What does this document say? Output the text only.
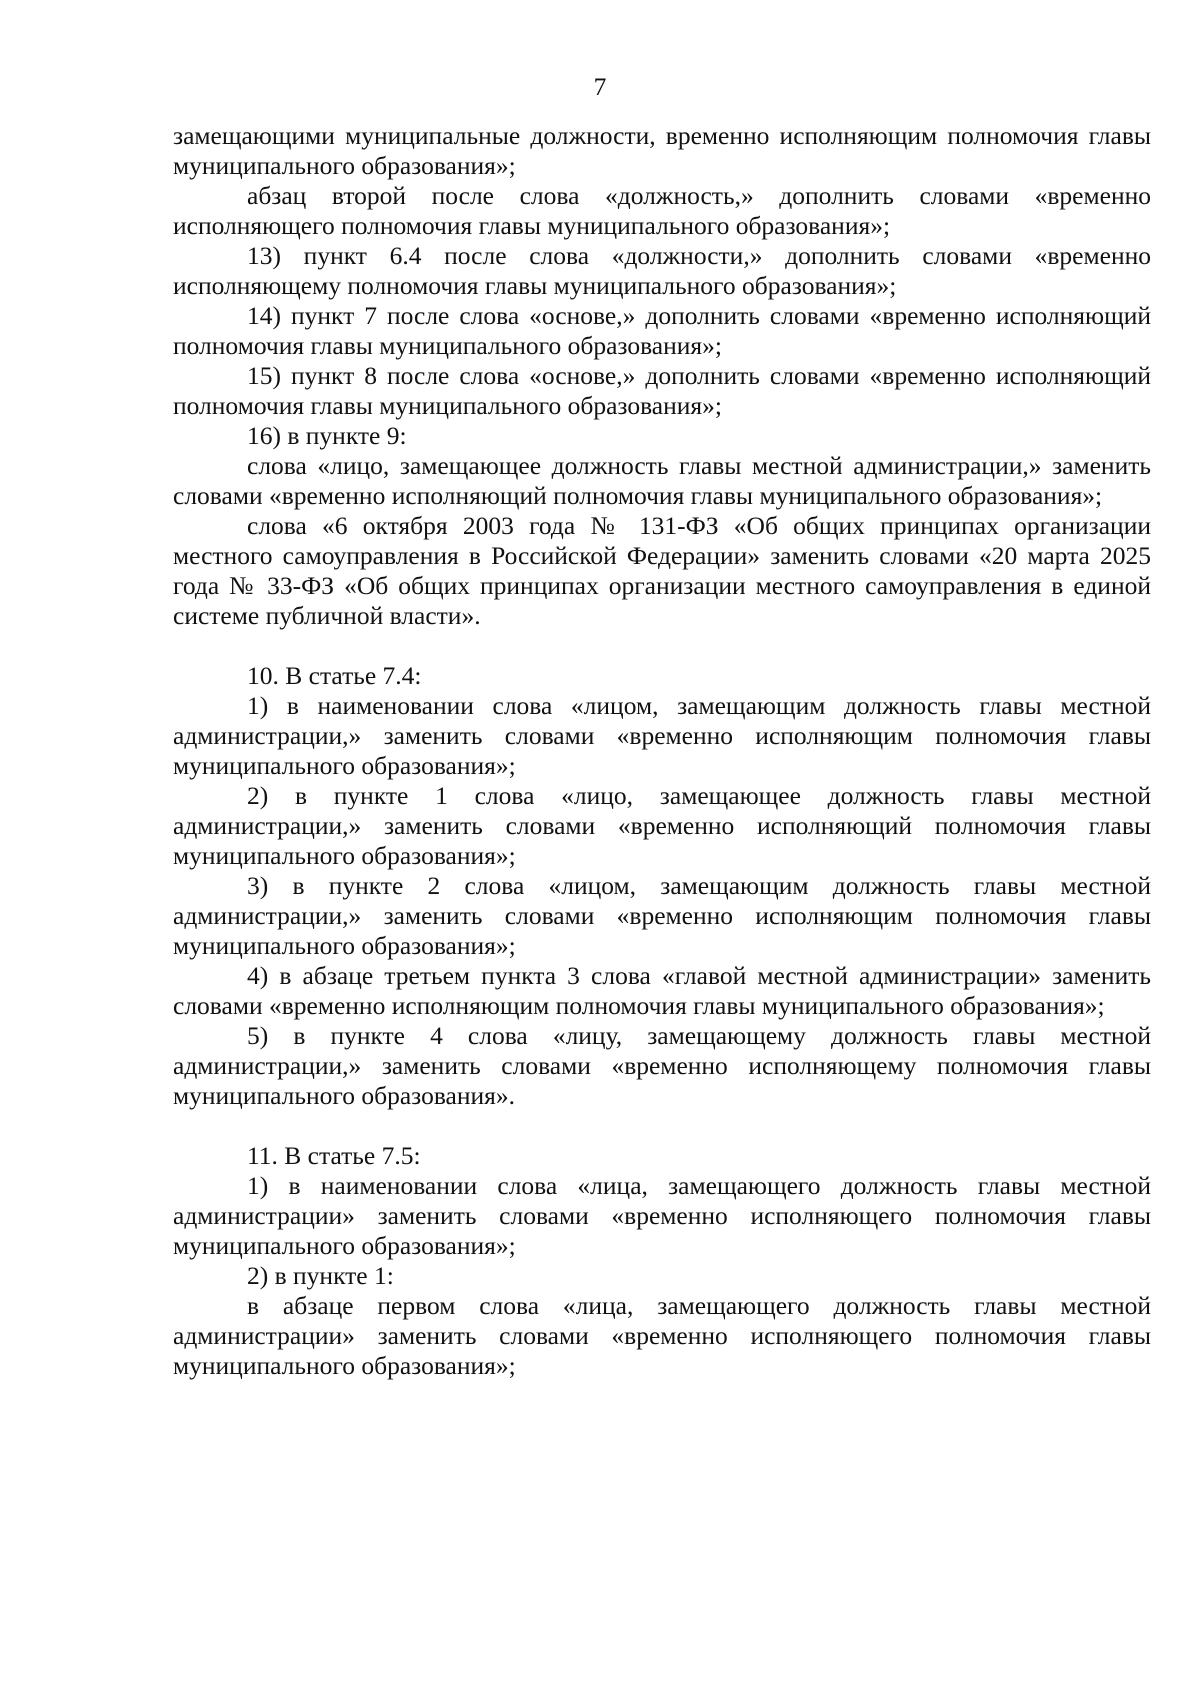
7

замещающими муниципальные должности, временно исполняющим полномочия главы муниципального образования»;

абзац второй после слова «должность,» дополнить словами «временно исполняющего полномочия главы муниципального образования»;

13) пункт 6.4 после слова «должности,» дополнить словами «временно исполняющему полномочия главы муниципального образования»;

14) пункт 7 после слова «основе,» дополнить словами «временно исполняющий полномочия главы муниципального образования»;

15) пункт 8 после слова «основе,» дополнить словами «временно исполняющий полномочия главы муниципального образования»;

16) в пункте 9:

слова «лицо, замещающее должность главы местной администрации,» заменить словами «временно исполняющий полномочия главы муниципального образования»;

слова «6 октября 2003 года № 131-ФЗ «Об общих принципах организации местного самоуправления в Российской Федерации» заменить словами «20 марта 2025 года № 33-ФЗ «Об общих принципах организации местного самоуправления в единой системе публичной власти».

10. В статье 7.4:

1) в наименовании слова «лицом, замещающим должность главы местной администрации,» заменить словами «временно исполняющим полномочия главы муниципального образования»;

2) в пункте 1 слова «лицо, замещающее должность главы местной администрации,» заменить словами «временно исполняющий полномочия главы муниципального образования»;

3) в пункте 2 слова «лицом, замещающим должность главы местной администрации,» заменить словами «временно исполняющим полномочия главы муниципального образования»;

4) в абзаце третьем пункта 3 слова «главой местной администрации» заменить словами «временно исполняющим полномочия главы муниципального образования»;

5) в пункте 4 слова «лицу, замещающему должность главы местной администрации,» заменить словами «временно исполняющему полномочия главы муниципального образования».

11. В статье 7.5:

1) в наименовании слова «лица, замещающего должность главы местной администрации» заменить словами «временно исполняющего полномочия главы муниципального образования»;

2) в пункте 1:

в абзаце первом слова «лица, замещающего должность главы местной администрации» заменить словами «временно исполняющего полномочия главы муниципального образования»;
